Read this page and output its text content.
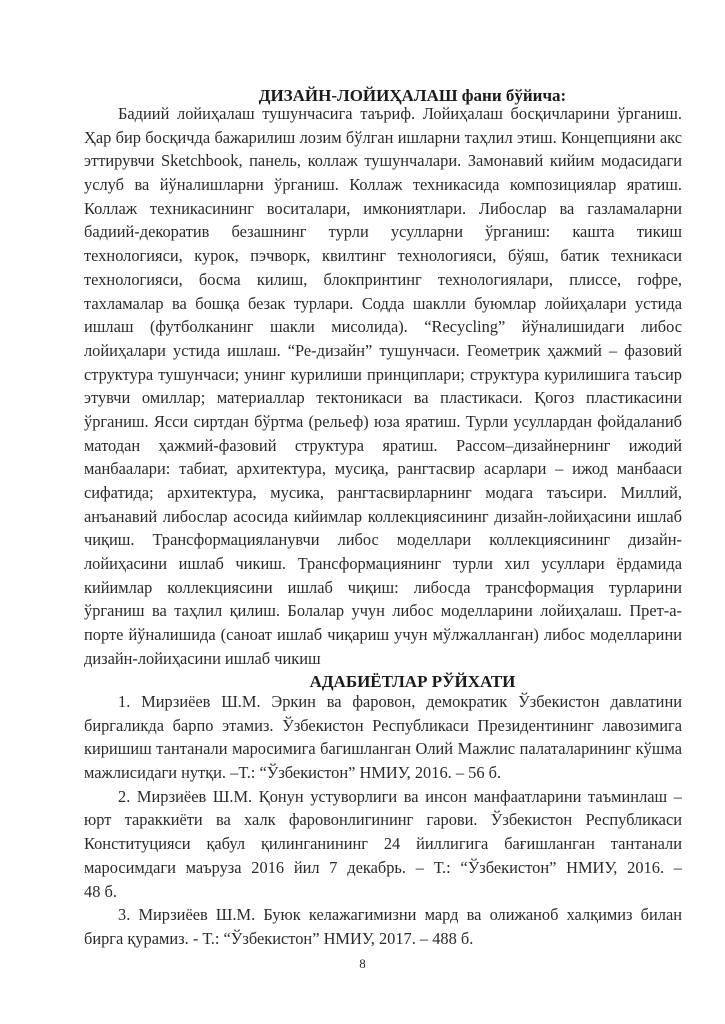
ДИЗАЙН-ЛОЙИҲАЛАШ фани бўйича:
Бадиий лойиҳалаш тушунчасига таъриф. Лойиҳалаш босқичларини ўрганиш.
Ҳар бир босқичда бажарилиш лозим бўлган ишларни таҳлил этиш. Концепцияни акс
эттирувчи Sketchbook, панель, коллаж тушунчалари. Замонавий кийим модасидаги
услуб ва йўналишларни ўрганиш. Коллаж техникасида композициялар яратиш.
Коллаж техникасининг воситалари, имкониятлари. Либослар ва газламаларни
бадиий-декоратив безашнинг турли усулларни ўрганиш: кашта тикиш
технологияси, курок, пэчворк, квилтинг технологияси, бўяш, батик техникаси
технологияси, босма килиш, блокпринтинг технологиялари, плиссе, гофре,
тахламалар ва бошқа безак турлари. Содда шаклли буюмлар лойиҳалари устида
ишлаш (футболканинг шакли мисолида). “Recycling” йўналишидаги либос
лойиҳалари устида ишлаш. “Ре-дизайн” тушунчаси. Геометрик ҳажмий – фазовий
структура тушунчаси; унинг курилиши принциплари; структура курилишига таъсир
этувчи омиллар; материаллар тектоникаси ва пластикаси. Қогоз пластикасини
ўрганиш. Ясси сиртдан бўртма (рельеф) юза яратиш. Турли усуллардан фойдаланиб
матодан ҳажмий-фазовий структура яратиш. Рассом–дизайнернинг ижодий
манбаалари: табиат, архитектура, мусиқа, рангтасвир асарлари – ижод манбааси
сифатида; архитектура, мусика, рангтасвирларнинг модага таъсири. Миллий,
анъанавий либослар асосида кийимлар коллекциясининг дизайн-лойиҳасини ишлаб
чиқиш. Трансформацияланувчи либос моделлари коллекциясининг дизайн-
лойиҳасини ишлаб чикиш. Трансформациянинг турли хил усуллари ёрдамида
кийимлар коллекциясини ишлаб чиқиш: либосда трансформация турларини
ўрганиш ва таҳлил қилиш. Болалар учун либос моделларини лойиҳалаш. Прет-а-
порте йўналишида (саноат ишлаб чиқариш учун мўлжалланган) либос моделларини
дизайн-лойиҳасини ишлаб чикиш
АДАБИЁТЛАР РЎЙХАТИ
1. Мирзиёев Ш.М. Эркин ва фаровон, демократик Ўзбекистон давлатини
биргаликда барпо этамиз. Ўзбекистон Республикаси Президентининг лавозимига
киришиш тантанали маросимига багишланган Олий Мажлис палаталарининг кўшма
мажлисидаги нутқи. –Т.: “Ўзбекистон” НМИУ, 2016. – 56 б.
2. Мирзиёев Ш.М. Қонун устуворлиги ва инсон манфаатларини таъминлаш –
юрт тараккиёти ва халк фаровонлигининг гарови. Ўзбекистон Республикаси
Конституцияси қабул қилинганининг 24 йиллигига бағишланган тантанали
маросимдаги маъруза 2016 йил 7 декабрь. – Т.: “Ўзбекистон” НМИУ, 2016. –
48 б.
3. Мирзиёев Ш.М. Буюк келажагимизни мард ва олижаноб халқимиз билан
бирга қурамиз. - Т.: “Ўзбекистон” НМИУ, 2017. – 488 б.
8
